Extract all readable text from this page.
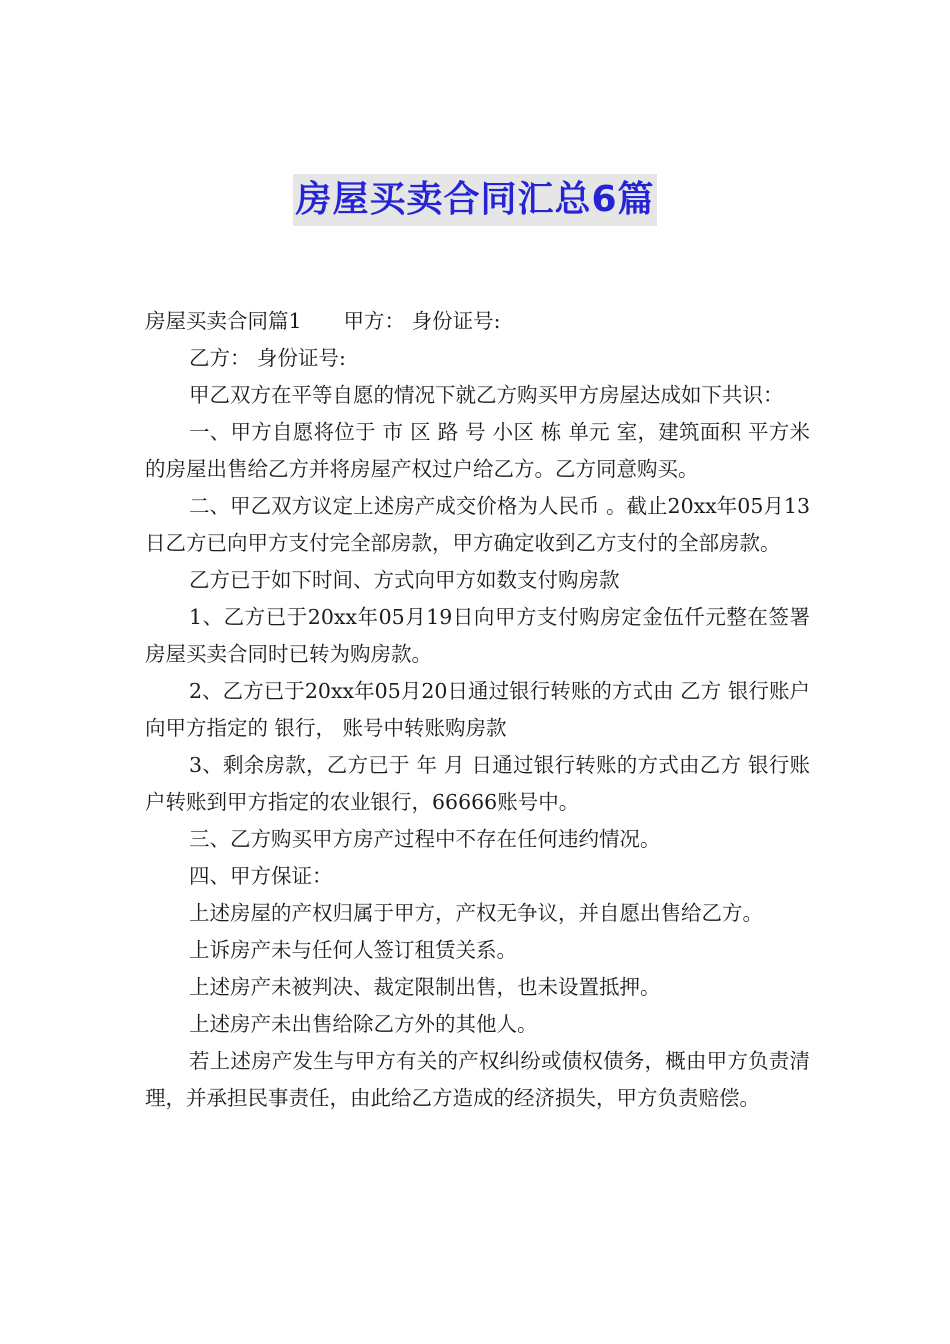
房屋买卖合同汇总6篇

房屋买卖合同篇1 甲方： 身份证号:

乙方： 身份证号:

甲乙双方在平等自愿的情况下就乙方购买甲方房屋达成如下共识：

一、甲方自愿将位于 市 区 路 号 小区 栋 单元 室，建筑面积 平方米的房屋出售给乙方并将房屋产权过户给乙方。乙方同意购买。

二、甲乙双方议定上述房产成交价格为人民币 。截止20xx年05月13日乙方已向甲方支付完全部房款，甲方确定收到乙方支付的全部房款。

乙方已于如下时间、方式向甲方如数支付购房款

1、乙方已于20xx年05月19日向甲方支付购房定金伍仟元整在签署房屋买卖合同时已转为购房款。

2、乙方已于20xx年05月20日通过银行转账的方式由 乙方 银行账户向甲方指定的 银行， 账号中转账购房款

3、剩余房款，乙方已于 年 月 日通过银行转账的方式由乙方 银行账户转账到甲方指定的农业银行，66666账号中。

三、乙方购买甲方房产过程中不存在任何违约情况。

四、甲方保证：

上述房屋的产权归属于甲方，产权无争议，并自愿出售给乙方。

上诉房产未与任何人签订租赁关系。

上述房产未被判决、裁定限制出售，也未设置抵押。

上述房产未出售给除乙方外的其他人。

若上述房产发生与甲方有关的产权纠纷或债权债务，概由甲方负责清理，并承担民事责任，由此给乙方造成的经济损失，甲方负责赔偿。
